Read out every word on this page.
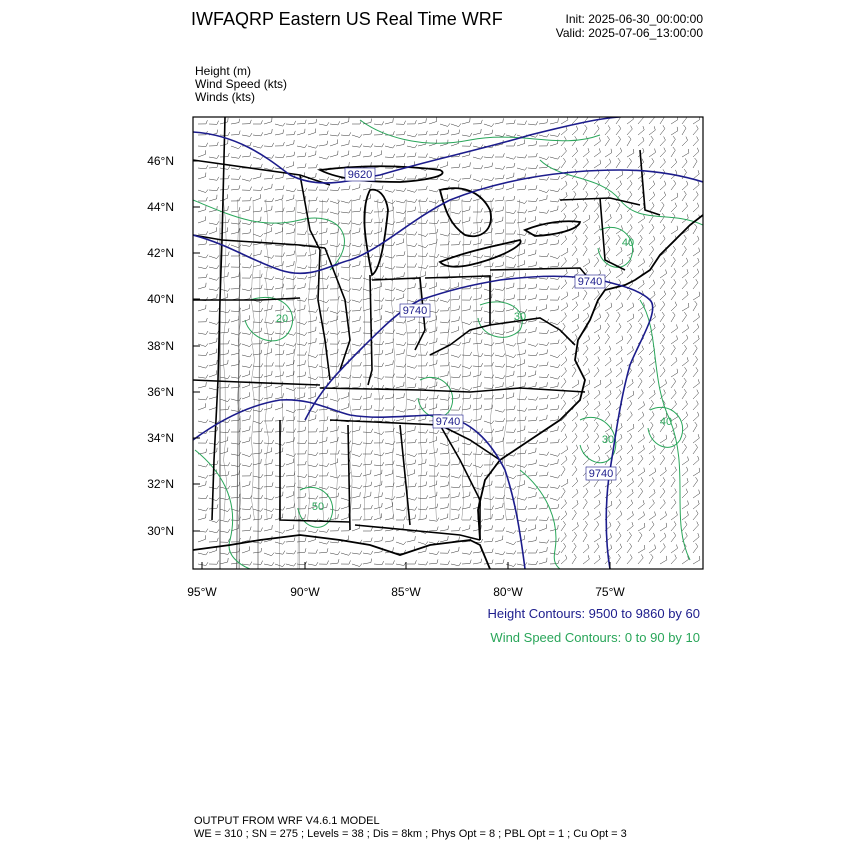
IWFAQRP Eastern US Real Time WRF	Init: 2025-06-30_00:00:00
Valid: 2025-07-06_13:00:00
Height (m)
Wind Speed (kts)
Winds (kts)
9620
9740
9740
9740
9740
20
40
30
30
40
50
46°N
44°N
42°N
40°N
38°N
36°N
34°N
32°N
30°N
95°W	90°W	85°W	80°W	75°W
Height Contours: 9500 to 9860 by 60
Wind Speed Contours: 0 to 90 by 10
OUTPUT FROM WRF V4.6.1 MODEL
WE = 310 ; SN = 275 ; Levels = 38 ; Dis = 8km ; Phys Opt = 8 ; PBL Opt = 1 ; Cu Opt = 3
